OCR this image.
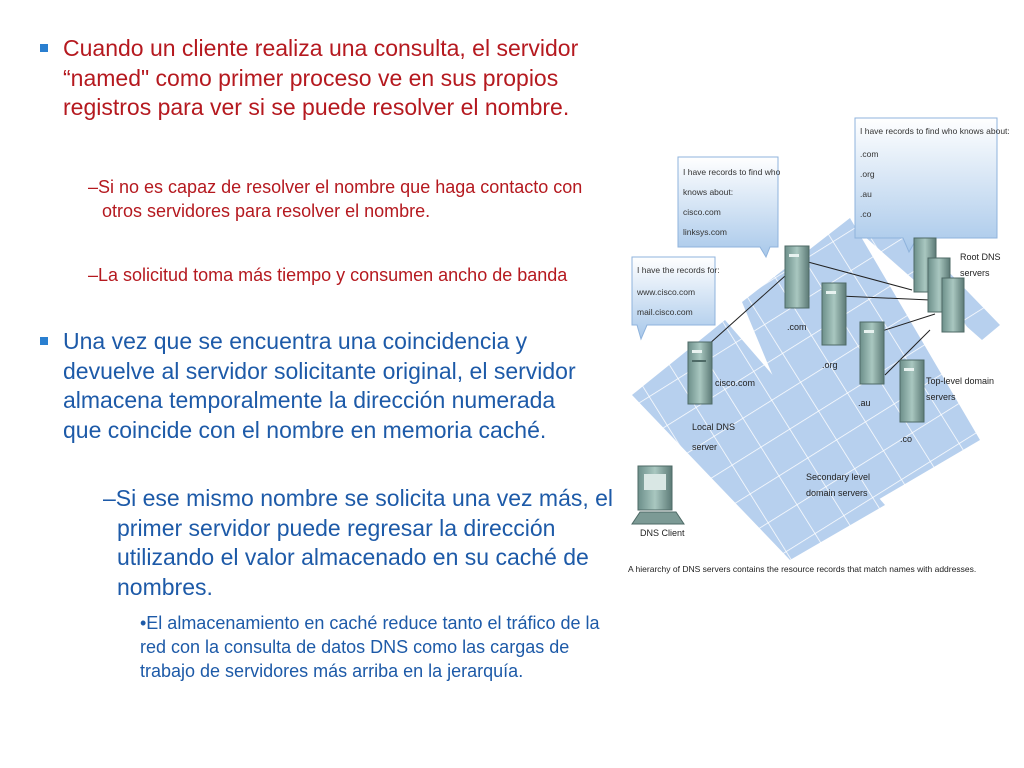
Cuando un cliente realiza una consulta, el servidor “named" como primer proceso ve en sus propios registros para ver si se puede resolver el nombre.
–Si no es capaz de resolver el nombre que haga contacto con otros servidores para resolver el nombre.
–La solicitud toma más tiempo y consumen ancho de banda
Una vez que se encuentra una coincidencia y devuelve al servidor solicitante original, el servidor almacena temporalmente la dirección numerada que coincide con el nombre en memoria caché.
–Si ese mismo nombre se solicita una vez más, el primer servidor puede regresar la dirección utilizando el valor almacenado en su caché de nombres.
•El almacenamiento en caché reduce tanto el tráfico de la red con la consulta de datos DNS como las cargas de trabajo de servidores más arriba en la jerarquía.
I have records to find who knows about:
.com
.org
.au
.co
I have records to find who
knows about:
cisco.com
linksys.com
I have the records for:
www.cisco.com
mail.cisco.com
Root DNS
servers
.com
.org
.au
.co
cisco.com	Top-level domain
servers
Local DNS
server
Secondary level
domain servers
DNS Client
A hierarchy of DNS servers contains the resource records that match names with addresses.
